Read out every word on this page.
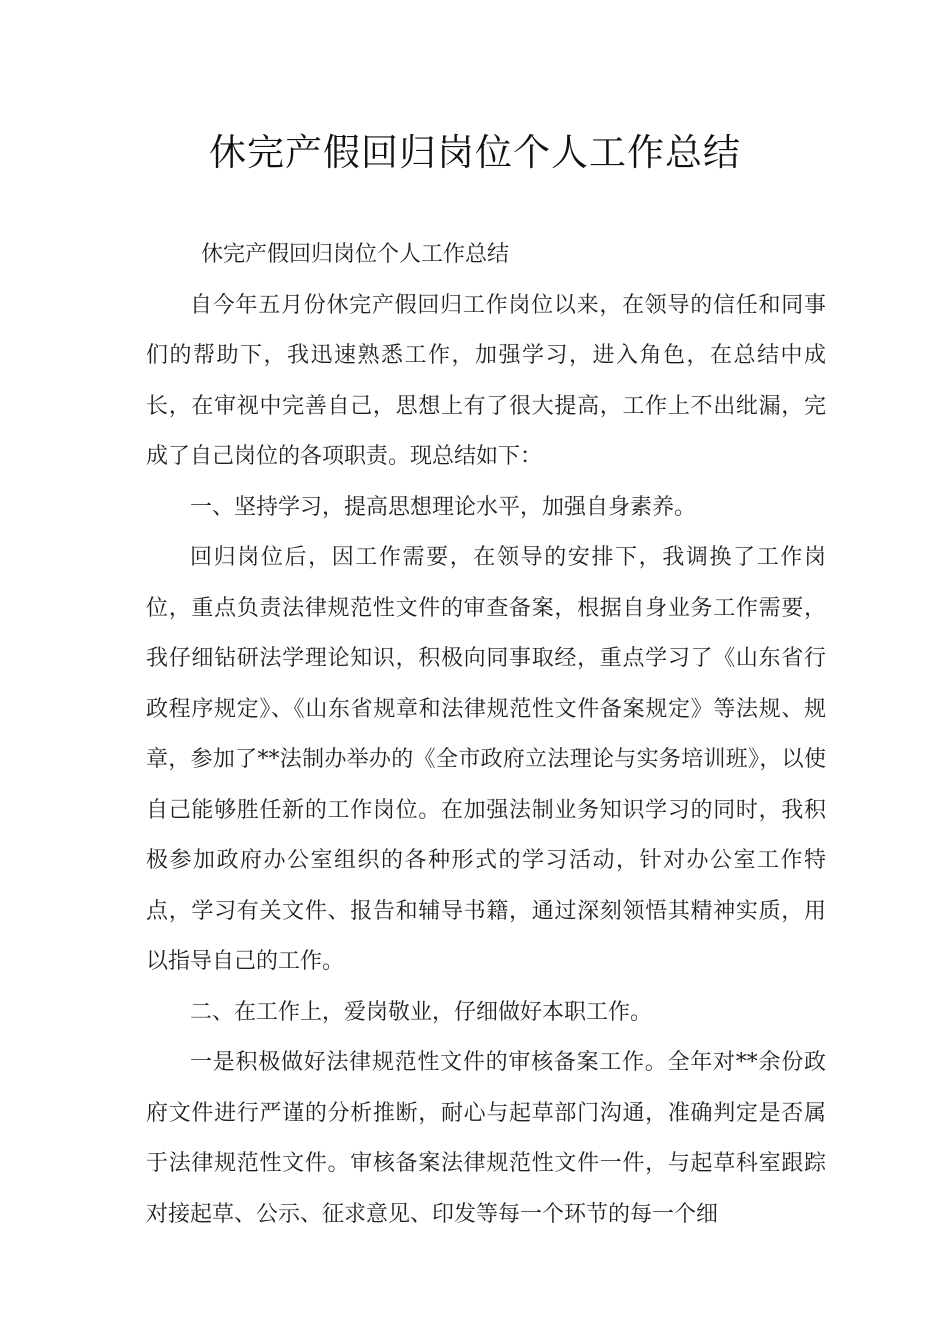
休完产假回归岗位个人工作总结

休完产假回归岗位个人工作总结

自今年五月份休完产假回归工作岗位以来，在领导的信任和同事们的帮助下，我迅速熟悉工作，加强学习，进入角色，在总结中成长，在审视中完善自己，思想上有了很大提高，工作上不出纰漏，完成了自己岗位的各项职责。现总结如下：

一、坚持学习，提高思想理论水平，加强自身素养。

回归岗位后，因工作需要，在领导的安排下，我调换了工作岗位，重点负责法律规范性文件的审查备案，根据自身业务工作需要，我仔细钻研法学理论知识，积极向同事取经，重点学习了《山东省行政程序规定》、《山东省规章和法律规范性文件备案规定》等法规、规章，参加了**法制办举办的《全市政府立法理论与实务培训班》，以使自己能够胜任新的工作岗位。在加强法制业务知识学习的同时，我积极参加政府办公室组织的各种形式的学习活动，针对办公室工作特点，学习有关文件、报告和辅导书籍，通过深刻领悟其精神实质，用以指导自己的工作。

二、在工作上，爱岗敬业，仔细做好本职工作。

一是积极做好法律规范性文件的审核备案工作。全年对**余份政府文件进行严谨的分析推断，耐心与起草部门沟通，准确判定是否属于法律规范性文件。审核备案法律规范性文件一件，与起草科室跟踪对接起草、公示、征求意见、印发等每一个环节的每一个细
